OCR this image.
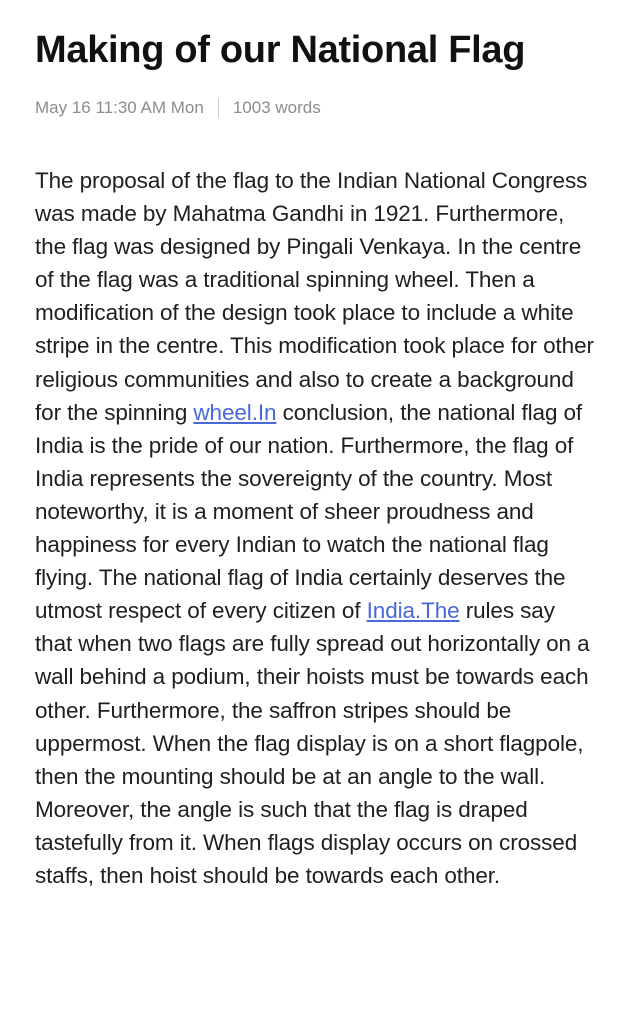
Making of our National Flag
May 16 11:30 AM Mon 1003 words
The proposal of the flag to the Indian National Congress was made by Mahatma Gandhi in 1921. Furthermore, the flag was designed by Pingali Venkaya. In the centre of the flag was a traditional spinning wheel. Then a modification of the design took place to include a white stripe in the centre. This modification took place for other religious communities and also to create a background for the spinning wheel.In conclusion, the national flag of India is the pride of our nation. Furthermore, the flag of India represents the sovereignty of the country. Most noteworthy, it is a moment of sheer proudness and happiness for every Indian to watch the national flag flying. The national flag of India certainly deserves the utmost respect of every citizen of India.The rules say that when two flags are fully spread out horizontally on a wall behind a podium, their hoists must be towards each other. Furthermore, the saffron stripes should be uppermost. When the flag display is on a short flagpole, then the mounting should be at an angle to the wall. Moreover, the angle is such that the flag is draped tastefully from it. When flags display occurs on crossed staffs, then hoist should be towards each other.
